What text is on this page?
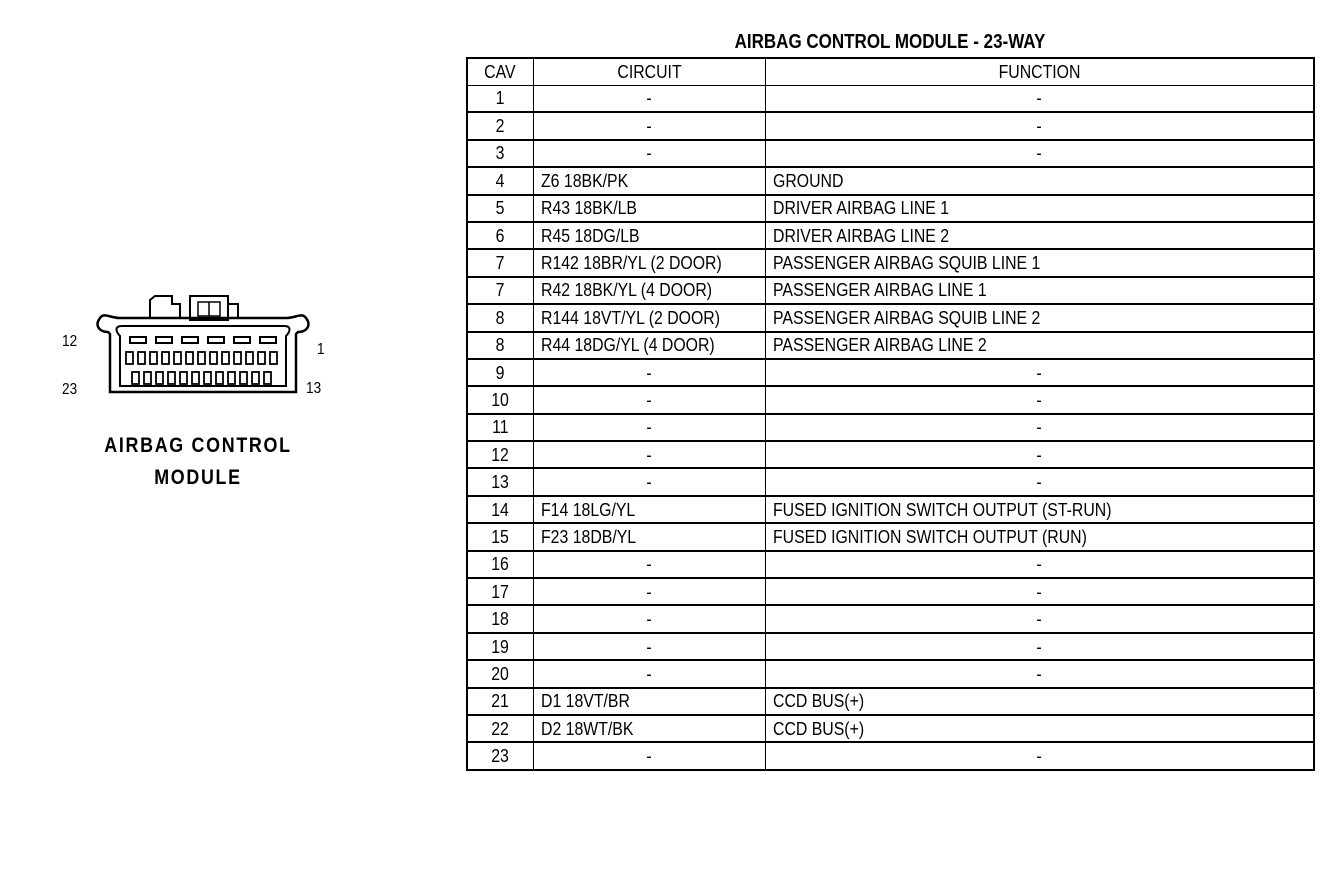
12	1
23	13
AIRBAG CONTROL
MODULE
AIRBAG CONTROL MODULE - 23-WAY
CAV	CIRCUIT	FUNCTION
1	-	-
2	-	-
3	-	-
4	Z6 18BK/PK	GROUND
5	R43 18BK/LB	DRIVER AIRBAG LINE 1
6	R45 18DG/LB	DRIVER AIRBAG LINE 2
7	R142 18BR/YL (2 DOOR)	PASSENGER AIRBAG SQUIB LINE 1
7	R42 18BK/YL (4 DOOR)	PASSENGER AIRBAG LINE 1
8	R144 18VT/YL (2 DOOR)	PASSENGER AIRBAG SQUIB LINE 2
8	R44 18DG/YL (4 DOOR)	PASSENGER AIRBAG LINE 2
9	-	-
10	-	-
11	-	-
12	-	-
13	-	-
14	F14 18LG/YL	FUSED IGNITION SWITCH OUTPUT (ST-RUN)
15	F23 18DB/YL	FUSED IGNITION SWITCH OUTPUT (RUN)
16	-	-
17	-	-
18	-	-
19	-	-
20	-	-
21	D1 18VT/BR	CCD BUS(+)
22	D2 18WT/BK	CCD BUS(+)
23	-	-
